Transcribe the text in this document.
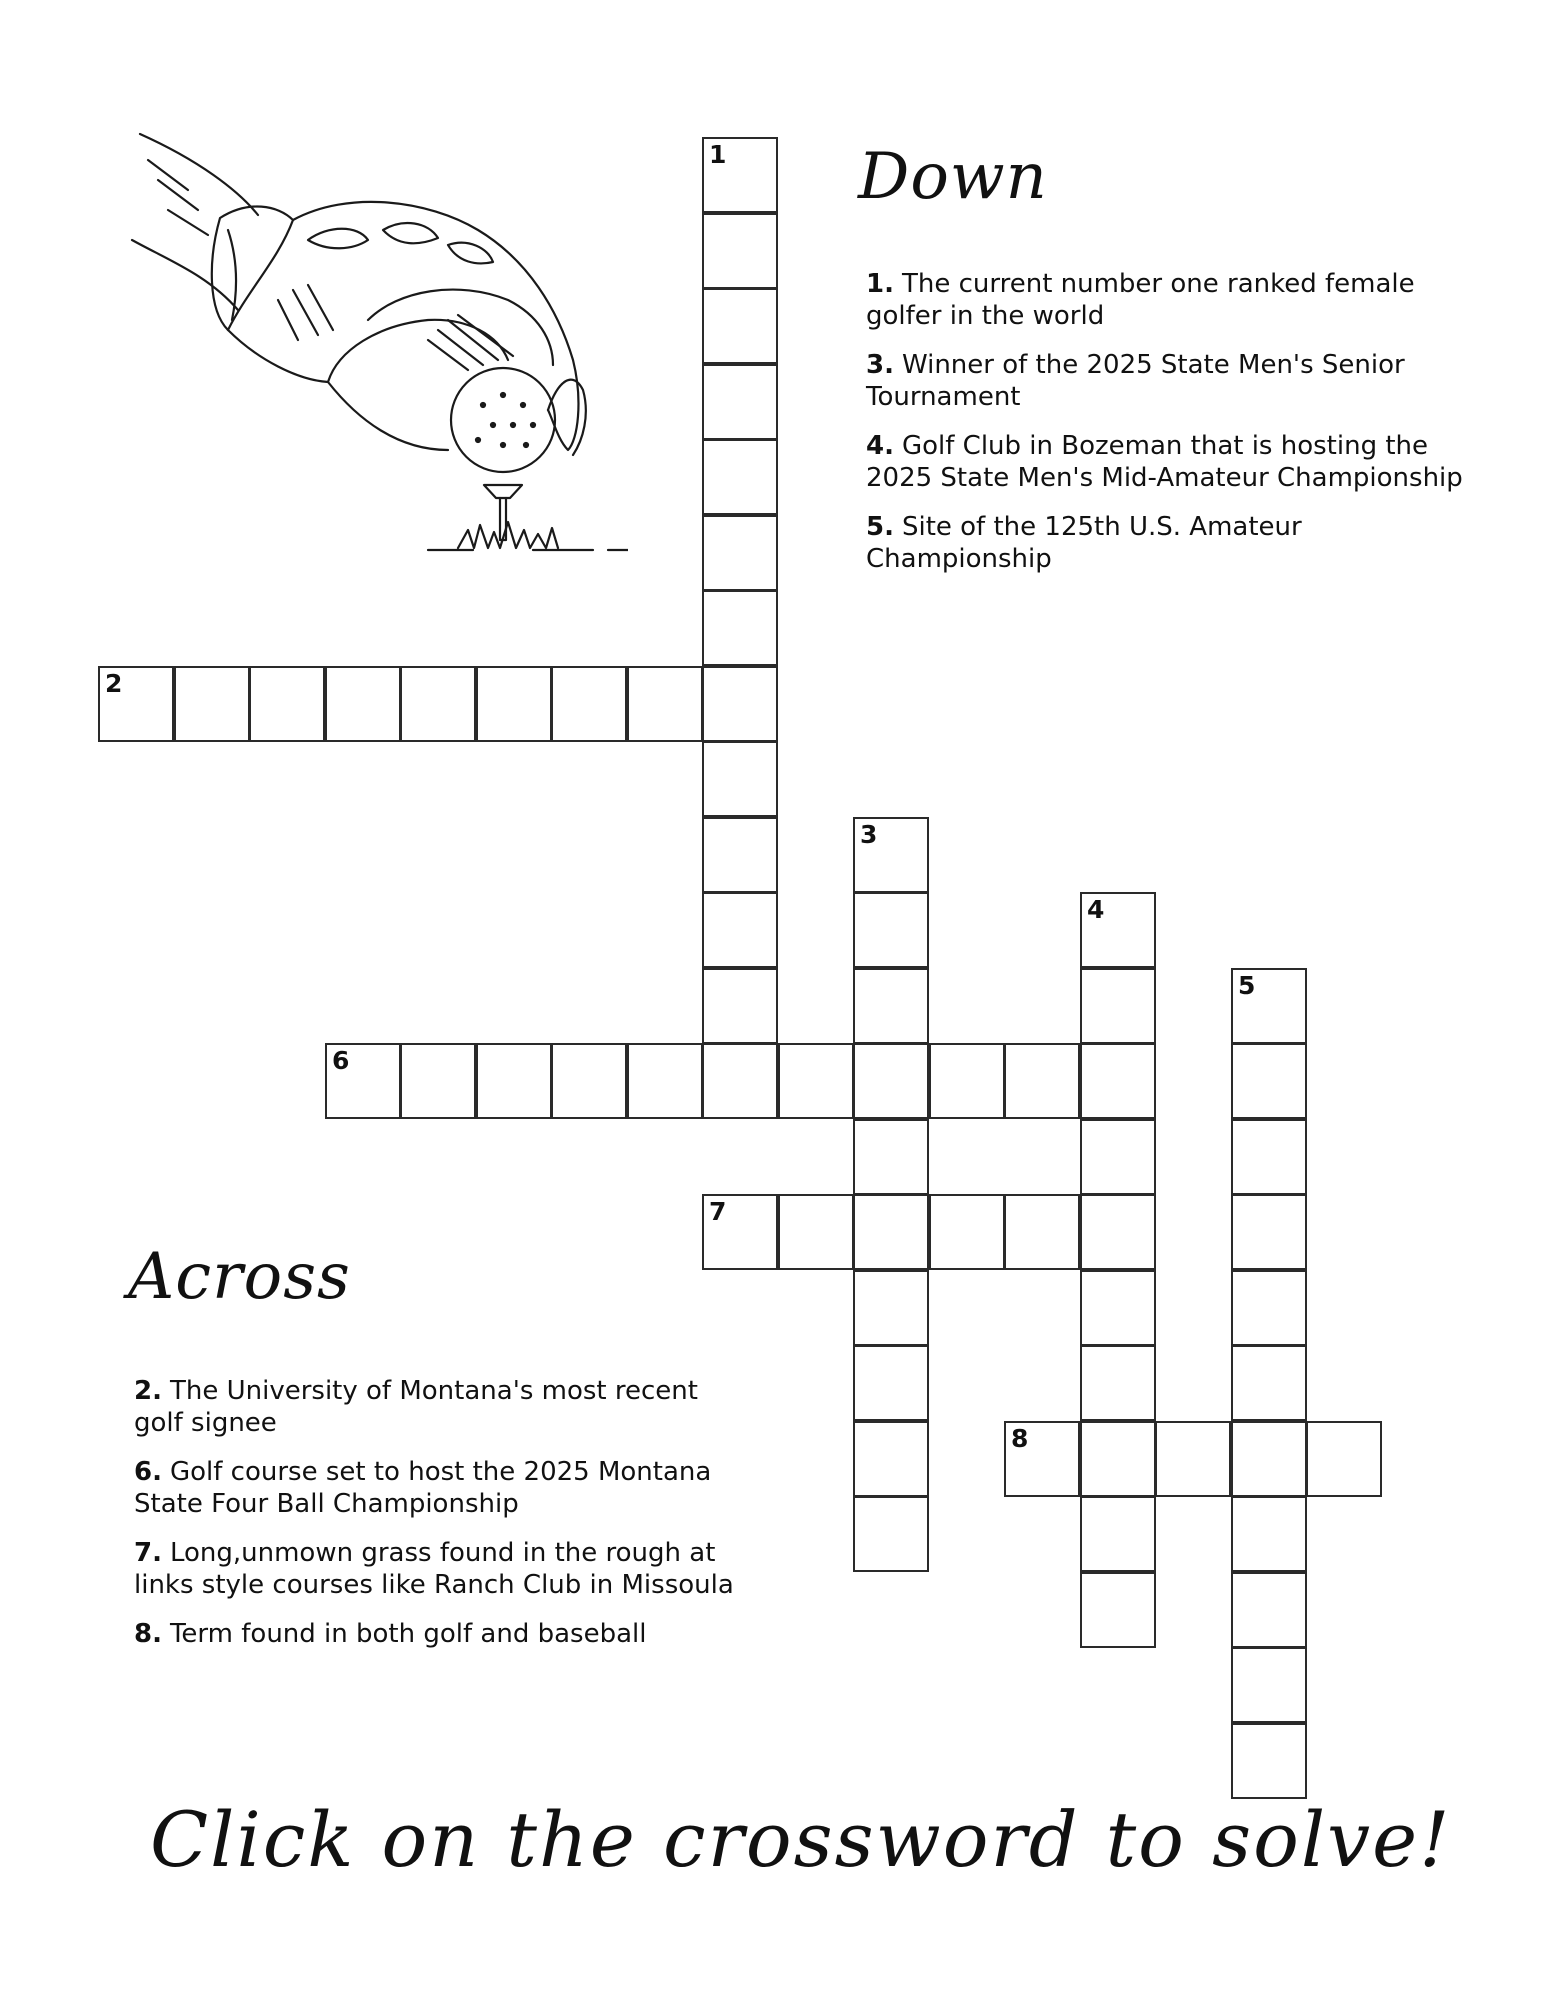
1
2
3
4
5
6
7
8
Down
1. The current number one ranked female golfer in the world
3. Winner of the 2025 State Men's Senior Tournament
4. Golf Club in Bozeman that is hosting the 2025 State Men's Mid-Amateur Championship
5. Site of the 125th U.S. Amateur Championship
Across
2. The University of Montana's most recent golf signee
6. Golf course set to host the 2025 Montana State Four Ball Championship
7. Long,unmown grass found in the rough at links style courses like Ranch Club in Missoula
8. Term found in both golf and baseball
Click on the crossword to solve!
